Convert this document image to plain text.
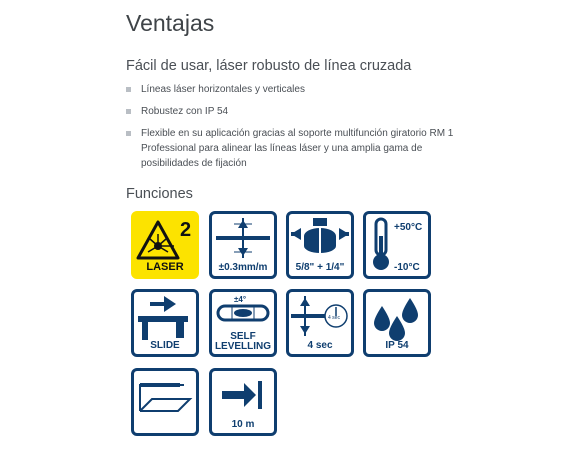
Ventajas
Fácil de usar, láser robusto de línea cruzada
Líneas láser horizontales y verticales
Robustez con IP 54
Flexible en su aplicación gracias al soporte multifunción giratorio RM 1 Professional para alinear las líneas láser y una amplia gama de posibilidades de fijación
Funciones
2
LASER	±0.3mm/m	5/8" + 1/4"
+50°C
-10°C
SLIDE
±4°
SELF
LEVELLING
4 sec
4 sec	IP 54
10 m
